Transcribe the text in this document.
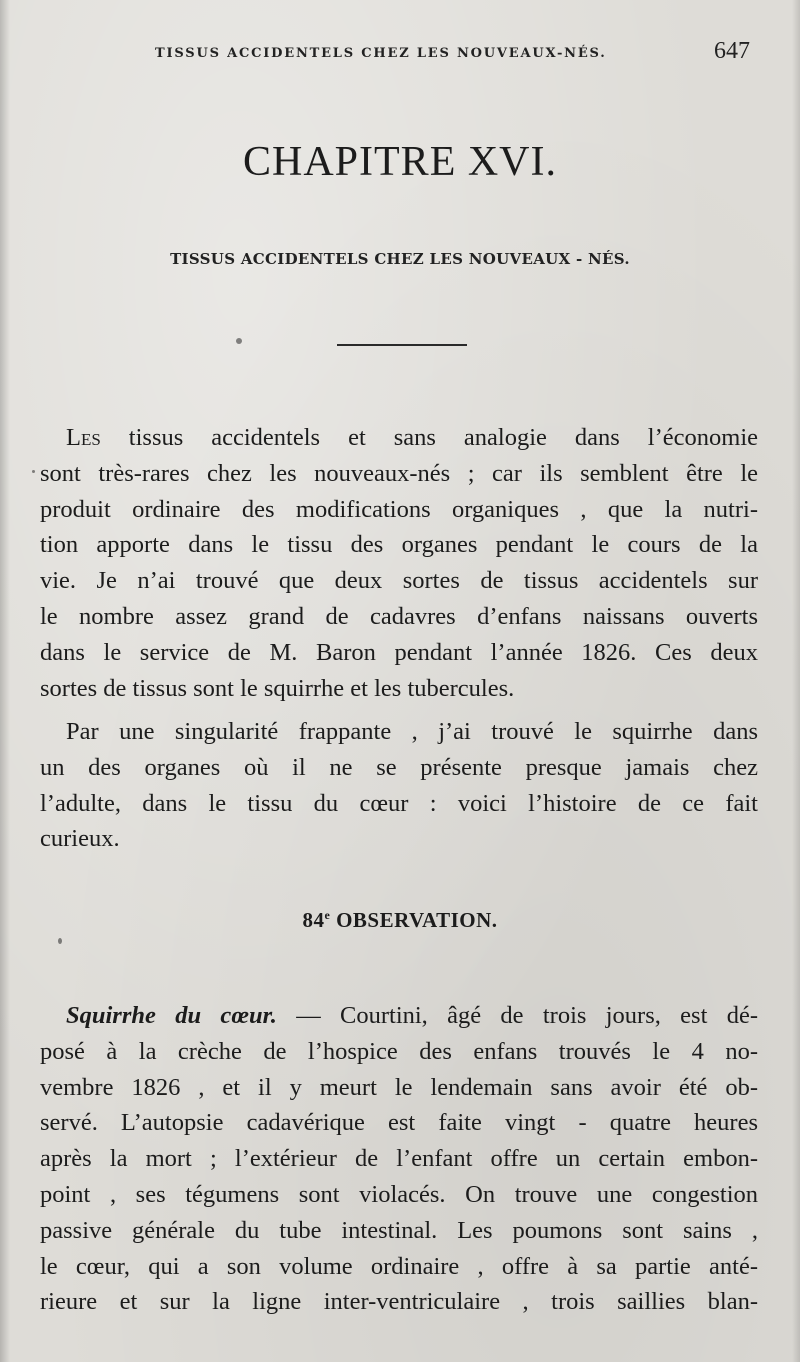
TISSUS ACCIDENTELS CHEZ LES NOUVEAUX-NÉS.	647
CHAPITRE XVI.
TISSUS ACCIDENTELS CHEZ LES NOUVEAUX - NÉS.
Les tissus accidentels et sans analogie dans l’économie
sont très-rares chez les nouveaux-nés ; car ils semblent être le
produit ordinaire des modifications organiques , que la nutri-
tion apporte dans le tissu des organes pendant le cours de la
vie. Je n’ai trouvé que deux sortes de tissus accidentels sur
le nombre assez grand de cadavres d’enfans naissans ouverts
dans le service de M. Baron pendant l’année 1826. Ces deux
sortes de tissus sont le squirrhe et les tubercules.
Par une singularité frappante , j’ai trouvé le squirrhe dans
un des organes où il ne se présente presque jamais chez
l’adulte, dans le tissu du cœur : voici l’histoire de ce fait
curieux.
84e OBSERVATION.
Squirrhe du cœur. — Courtini, âgé de trois jours, est dé-
posé à la crèche de l’hospice des enfans trouvés le 4 no-
vembre 1826 , et il y meurt le lendemain sans avoir été ob-
servé. L’autopsie cadavérique est faite vingt - quatre heures
après la mort ; l’extérieur de l’enfant offre un certain embon-
point , ses tégumens sont violacés. On trouve une congestion
passive générale du tube intestinal. Les poumons sont sains ,
le cœur, qui a son volume ordinaire , offre à sa partie anté-
rieure et sur la ligne inter-ventriculaire , trois saillies blan-
